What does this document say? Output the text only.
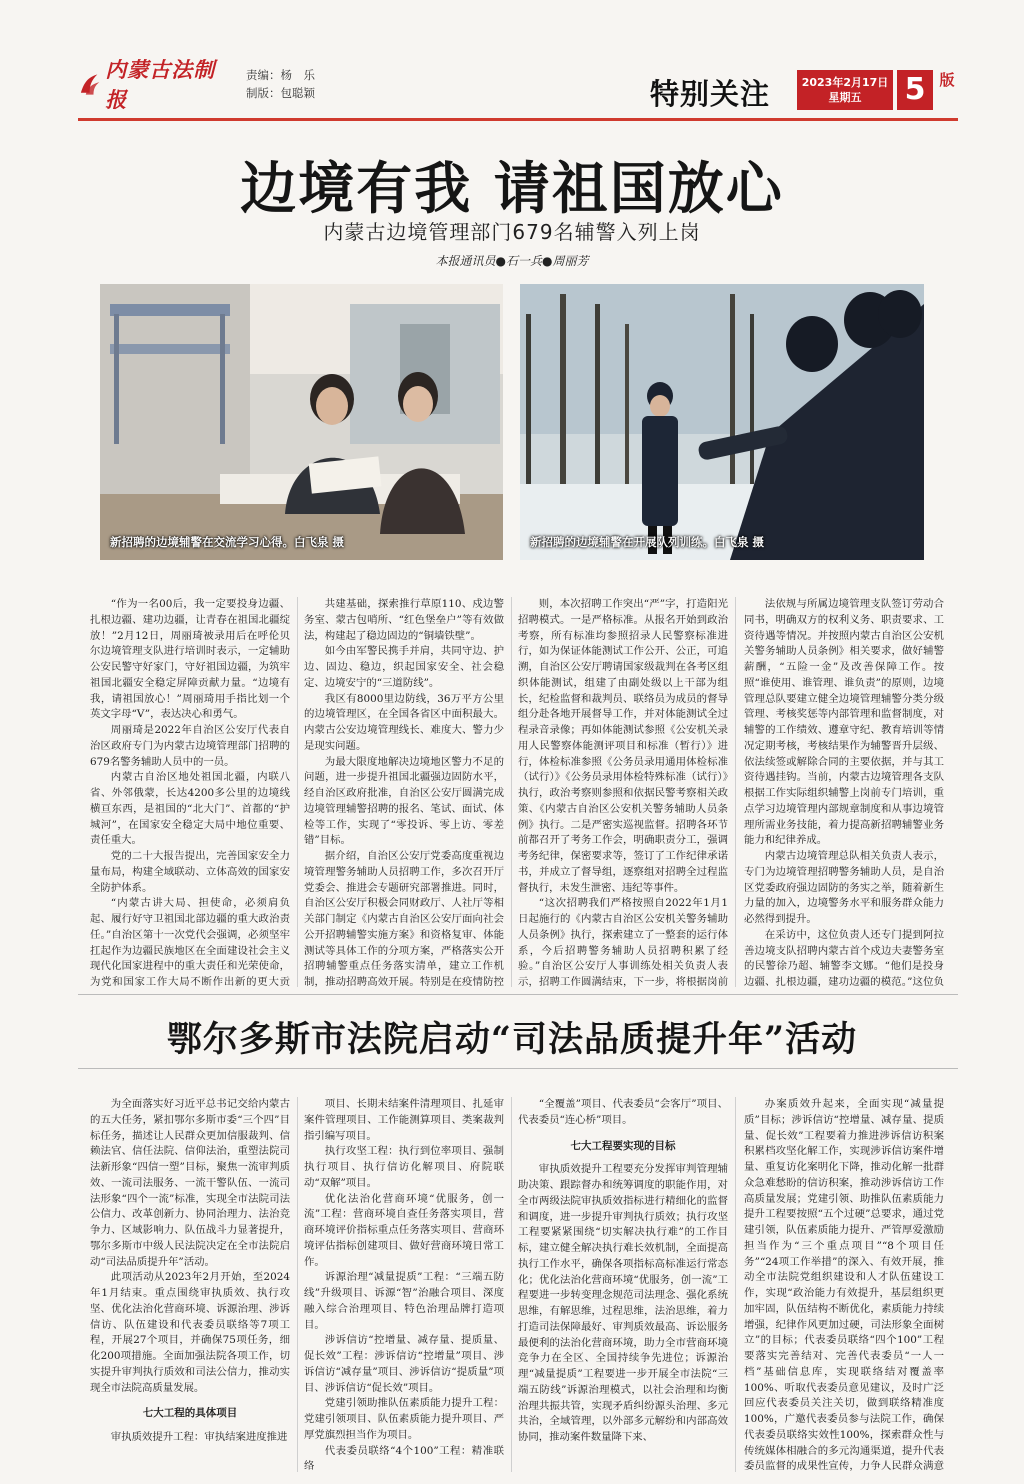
内蒙古法制报
责编：杨　乐
制版：包聪颖	特别关注	2023年2月17日
星期五	5 版
边境有我 请祖国放心
内蒙古边境管理部门679名辅警入列上岗
本报通讯员●石一兵●周丽芳
新招聘的边境辅警在交流学习心得。白飞泉 摄	新招聘的边境辅警在开展队列训练。白飞泉 摄

“作为一名00后，我一定要投身边疆、扎根边疆、建功边疆，让青春在祖国北疆绽放！”2月12日，周丽琦被录用后在呼伦贝尔边境管理支队进行培训时表示，一定辅助公安民警守好家门，守好祖国边疆，为筑牢祖国北疆安全稳定屏障贡献力量。“边境有我，请祖国放心！”周丽琦用手指比划一个英文字母“V”，表达决心和勇气。

周丽琦是2022年自治区公安厅代表自治区政府专门为内蒙古边境管理部门招聘的679名警务辅助人员中的一员。

内蒙古自治区地处祖国北疆，内联八省、外邻俄蒙，长达4200多公里的边境线横亘东西，是祖国的“北大门”、首都的“护城河”，在国家安全稳定大局中地位重要、责任重大。

党的二十大报告提出，完善国家安全力量布局，构建全域联动、立体高效的国家安全防护体系。

“内蒙古讲大局、担使命，必须肩负起、履行好守卫祖国北部边疆的重大政治责任。”自治区第十一次党代会强调，必须坚牢扛起作为边疆民族地区在全面建设社会主义现代化国家进程中的重大责任和光荣使命，为党和国家工作大局不断作出新的更大贡

共建基础，探索推行草原110、戍边警务室、蒙古包哨所、“红色堡垒户”等有效做法，构建起了稳边固边的“铜墙铁壁”。

如今由军警民携手并肩，共同守边、护边、固边、稳边，织起国家安全、社会稳定、边境安宁的“三道防线”。

我区有8000里边防线，36万平方公里的边境管理区，在全国各省区中面积最大。内蒙古公安边境管理线长、难度大、警力少是现实问题。

为最大限度地解决边境地区警力不足的问题，进一步提升祖国北疆强边固防水平，经自治区政府批准，自治区公安厅圆满完成边境管理辅警招聘的报名、笔试、面试、体检等工作，实现了“零投诉、零上访、零差错”目标。

据介绍，自治区公安厅党委高度重视边境管理警务辅助人员招聘工作，多次召开厅党委会、推进会专题研究部署推进。同时，自治区公安厅积极会同财政厅、人社厅等相关部门制定《内蒙古自治区公安厅面向社会公开招聘辅警实施方案》和资格复审、体能测试等具体工作的分项方案，严格落实公开招聘辅警重点任务落实清单，建立工作机制，推动招聘高效开展。特别是在疫情防控

则，本次招聘工作突出“严”字，打造阳光招聘模式。一是严格标准。从报名开始到政治考察，所有标准均参照招录人民警察标准进行，如为保证体能测试工作公开、公正，可追溯，自治区公安厅聘请国家级裁判在各考区组织体能测试，组建了由副处级以上干部为组长，纪检监督和裁判员、联络员为成员的督导组分赴各地开展督导工作，并对体能测试全过程录音录像；再如体能测试参照《公安机关录用人民警察体能测评项目和标准（暂行）》进行，体检标准参照《公务员录用通用体检标准（试行）》《公务员录用体检特殊标准（试行）》执行，政治考察则参照和依据民警考察相关政策、《内蒙古自治区公安机关警务辅助人员条例》执行。二是严密实巡视监督。招聘各环节前都召开了考务工作会，明确职责分工，强调考务纪律，保密要求等，签订了工作纪律承诺书，并成立了督导组，逐察组对招聘全过程监督执行，未发生泄密、违纪等事件。

“这次招聘我们严格按照自2022年1月1日起施行的《内蒙古自治区公安机关警务辅助人员条例》执行，探索建立了一整套的运行体系，今后招聘警务辅助人员招聘积累了经验。”自治区公安厅人事训练处相关负责人表示，招聘工作圆满结束，下一步，将根据岗前

法依规与所属边境管理支队签订劳动合同书，明确双方的权利义务、职责要求、工资待遇等情况。并按照内蒙古自治区公安机关警务辅助人员条例》相关要求，做好辅警薪酬，“五险一金”及改善保障工作。按照“谁使用、谁管理、谁负责”的原则，边境管理总队要建立健全边境管理辅警分类分级管理、考核奖惩等内部管理和监督制度，对辅警的工作绩效、遵章守纪、教育培训等情况定期考核，考核结果作为辅警晋升层级、依法续签或解除合同的主要依据，并与其工资待遇挂钩。当前，内蒙古边境管理各支队根据工作实际组织辅警上岗前专门培训，重点学习边境管理内部规章制度和从事边境管理所需业务技能，着力提高新招聘辅警业务能力和纪律养成。

内蒙古边境管理总队相关负责人表示，专门为边境管理招聘警务辅助人员，是自治区党委政府强边固防的务实之举，随着新生力量的加入，边境警务水平和服务群众能力必然得到提升。

在采访中，这位负责人还专门提到阿拉善边境支队招聘内蒙古首个戍边夫妻警务室的民警徐乃超、辅警李文娜。“他们是投身边疆、扎根边疆，建功边疆的模范。”这位负

鄂尔多斯市法院启动“司法品质提升年”活动

为全面落实好习近平总书记交给内蒙古的五大任务，紧扣鄂尔多斯市委“三个四”目标任务，描述让人民群众更加信服裁判、信赖法官、信任法院、信仰法治，重塑法院司法新形象“四信一塑”目标，聚焦一流审判质效、一流司法服务、一流干警队伍、一流司法形象“四个一流”标准，实现全市法院司法公信力、改革创新力、协同治理力、法治竞争力、区域影响力、队伍战斗力显著提升，鄂尔多斯市中级人民法院决定在全市法院启动“司法品质提升年”活动。

此项活动从2023年2月开始，至2024年1月结束。重点围绕审执质效、执行攻坚、优化法治化营商环境、诉源治理、涉诉信访、队伍建设和代表委员联络等7项工程，开展27个项目，并确保75项任务，细化200项措施。全面加强法院各项工作，切实提升审判执行质效和司法公信力，推动实现全市法院高质量发展。

七大工程的具体项目

审执质效提升工程：审执结案进度推进

项目、长期未结案件清理项目、扎延审案件管理项目、工作能测算项目、类案裁判指引编写项目。

执行攻坚工程：执行到位率项目、强制执行项目、执行信访化解项目、府院联动“双解”项目。

优化法治化营商环境“优服务，创一流”工程：营商环境自查任务落实项目，营商环境评价指标重点任务落实项目、营商环境评估指标创建项目、做好营商环境日常工作。

诉源治理“减量提质”工程：“三端五防线”升级项目、诉源“智”治融合项目、深度融入综合治理项目、特色治理品牌打造项目。

涉诉信访“控增量、减存量、提质量、促长效”工程：涉诉信访“控增量”项目、涉诉信访“减存量”项目、涉诉信访“提质量”项目、涉诉信访“促长效”项目。

党建引领助推队伍素质能力提升工程：党建引领项目、队伍素质能力提升项目、严厚党旗烈担当作为项目。

代表委员联络“4个100”工程：精准联络

“全覆盖”项目、代表委员“会客厅”项目、代表委员“连心桥”项目。

七大工程要实现的目标

审执质效提升工程要充分发挥审判管理辅助决策、跟踪督办和统筹调度的职能作用，对全市两级法院审执质效指标进行精细化的监督和调度，进一步提升审判执行质效；执行攻坚工程要紧紧围绕“切实解决执行难”的工作目标，建立健全解决执行难长效机制，全面提高执行工作水平，确保各项指标高标准运行常态化；优化法治化营商环境“优服务，创一流”工程要进一步转变理念规范司法理念、强化系统思维，有解思维，过程思维，法治思维，着力打造司法保障最好、审判质效最高、诉讼服务最便利的法治化营商环境，助力全市营商环境竞争力在全区、全国持续争先进位；诉源治理“减量提质”工程要进一步开展全市法院“三端五防线”诉源治理模式，以社会治理和均衡治理共振共管，实现矛盾纠纷源头治理、多元共治，全域管理，以外部多元解纷和内部高效协同，推动案件数量降下来、

办案质效升起来，全面实现“减量提质”目标；涉诉信访“控增量、减存量、提质量、促长效”工程要着力推进涉诉信访积案积累档攻坚化解工作，实现涉诉信访案件增量、重复访化案明化下降，推动化解一批群众急难愁盼的信访积案，推动涉诉信访工作高质量发展；党建引领、助推队伍素质能力提升工程要按照“五个过硬”总要求，通过党建引领，队伍素质能力提升、严管厚爱激励担当作为“三个重点项目”“8个项目任务”“24项工作举措”的深入、有效开展，推动全市法院党组织建设和人才队伍建设工作，实现“政治能力有效提升，基层组织更加牢固，队伍结构不断优化，素质能力持续增强，纪律作风更加过硬，司法形象全面树立”的目标；代表委员联络“四个100”工程要落实完善结对、完善代表委员“一人一档”基础信息库，实现联络结对覆盖率100%、听取代表委员意见建议，及时广泛回应代表委员关注关切，做到联络精准度100%，广邀代表委员参与法院工作，确保代表委员联络实效性100%，探索群众性与传统媒体相融合的多元沟通渠道，提升代表委员监督的成果性宣传，力争人民群众满意
